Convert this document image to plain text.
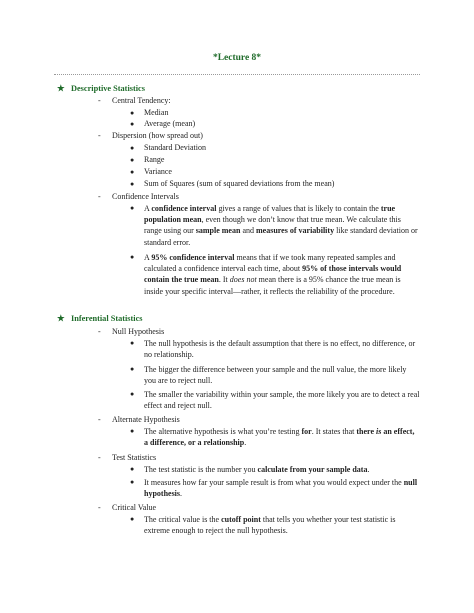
*Lecture 8*
★ Descriptive Statistics
- Central Tendency:
● Median
● Average (mean)
- Dispersion (how spread out)
● Standard Deviation
● Range
● Variance
● Sum of Squares (sum of squared deviations from the mean)
- Confidence Intervals
● A confidence interval gives a range of values that is likely to contain the true population mean, even though we don’t know that true mean. We calculate this range using our sample mean and measures of variability like standard deviation or standard error.
● A 95% confidence interval means that if we took many repeated samples and calculated a confidence interval each time, about 95% of those intervals would contain the true mean. It does not mean there is a 95% chance the true mean is inside your specific interval—rather, it reflects the reliability of the procedure.
★ Inferential Statistics
- Null Hypothesis
● The null hypothesis is the default assumption that there is no effect, no difference, or no relationship.
● The bigger the difference between your sample and the null value, the more likely you are to reject null.
● The smaller the variability within your sample, the more likely you are to detect a real effect and reject null.
- Alternate Hypothesis
● The alternative hypothesis is what you’re testing for. It states that there is an effect, a difference, or a relationship.
- Test Statistics
● The test statistic is the number you calculate from your sample data.
● It measures how far your sample result is from what you would expect under the null hypothesis.
- Critical Value
● The critical value is the cutoff point that tells you whether your test statistic is extreme enough to reject the null hypothesis.
